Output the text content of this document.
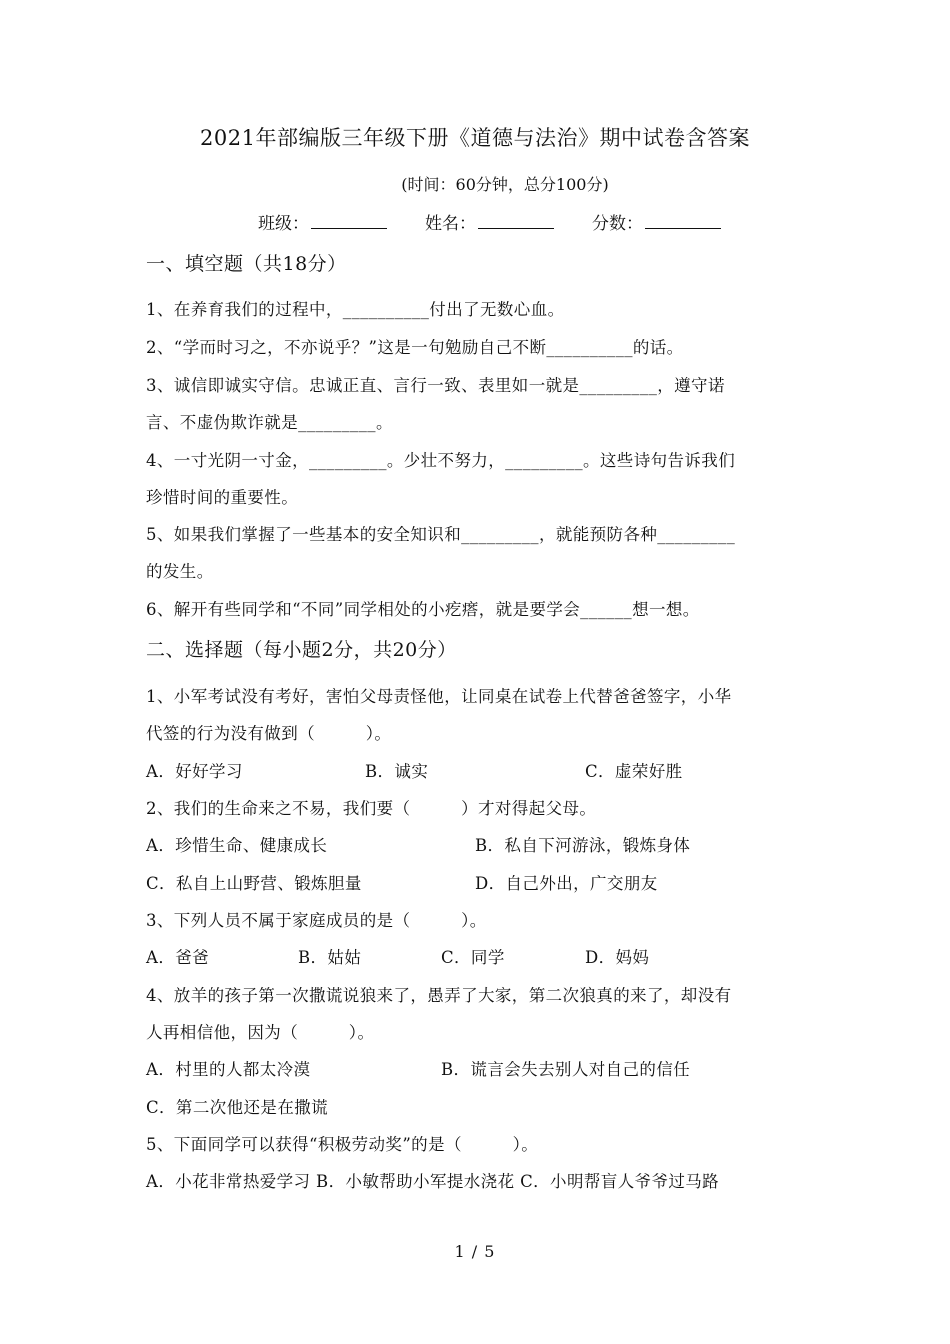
2021年部编版三年级下册《道德与法治》期中试卷含答案
(时间：60分钟，总分100分)
班级：	姓名：	分数：
一、填空题（共18分）
1、在养育我们的过程中，__________付出了无数心血。
2、“学而时习之，不亦说乎？”这是一句勉励自己不断__________的话。
3、诚信即诚实守信。忠诚正直、言行一致、表里如一就是_________，遵守诺
言、不虚伪欺诈就是_________。
4、一寸光阴一寸金，_________。少壮不努力，_________。这些诗句告诉我们
珍惜时间的重要性。
5、如果我们掌握了一些基本的安全知识和_________，就能预防各种_________
的发生。
6、解开有些同学和“不同”同学相处的小疙瘩，就是要学会______想一想。
二、选择题（每小题2分，共20分）
1、小军考试没有考好，害怕父母责怪他，让同桌在试卷上代替爸爸签字，小华
代签的行为没有做到（　　　）。
A．好好学习	B．诚实	C．虚荣好胜
2、我们的生命来之不易，我们要（　　　）才对得起父母。
A．珍惜生命、健康成长	B．私自下河游泳，锻炼身体
C．私自上山野营、锻炼胆量	D．自己外出，广交朋友
3、下列人员不属于家庭成员的是（　　　）。
A．爸爸	B．姑姑	C．同学	D．妈妈
4、放羊的孩子第一次撒谎说狼来了，愚弄了大家，第二次狼真的来了，却没有
人再相信他，因为（　　　）。
A．村里的人都太冷漠	B．谎言会失去别人对自己的信任
C．第二次他还是在撒谎
5、下面同学可以获得“积极劳动奖”的是（　　　）。
A．小花非常热爱学习 B．小敏帮助小军提水浇花 C．小明帮盲人爷爷过马路
1 / 5
